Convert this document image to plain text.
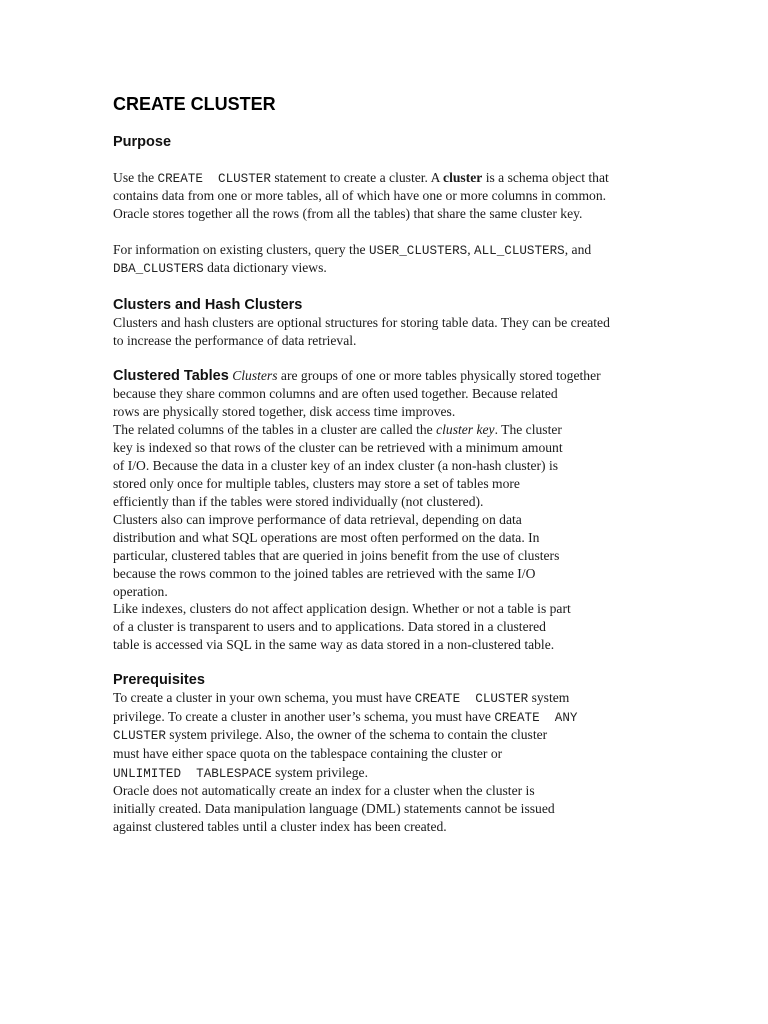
CREATE CLUSTER
Purpose
Use the CREATE  CLUSTER statement to create a cluster. A cluster is a schema object that
contains data from one or more tables, all of which have one or more columns in common.
Oracle stores together all the rows (from all the tables) that share the same cluster key.
For information on existing clusters, query the USER_CLUSTERS, ALL_CLUSTERS, and
DBA_CLUSTERS data dictionary views.
Clusters and Hash Clusters
Clusters and hash clusters are optional structures for storing table data. They can be created
to increase the performance of data retrieval.
Clustered Tables Clusters are groups of one or more tables physically stored together
because they share common columns and are often used together. Because related
rows are physically stored together, disk access time improves.
The related columns of the tables in a cluster are called the cluster key. The cluster
key is indexed so that rows of the cluster can be retrieved with a minimum amount
of I/O. Because the data in a cluster key of an index cluster (a non-hash cluster) is
stored only once for multiple tables, clusters may store a set of tables more
efficiently than if the tables were stored individually (not clustered).
Clusters also can improve performance of data retrieval, depending on data
distribution and what SQL operations are most often performed on the data. In
particular, clustered tables that are queried in joins benefit from the use of clusters
because the rows common to the joined tables are retrieved with the same I/O
operation.
Like indexes, clusters do not affect application design. Whether or not a table is part
of a cluster is transparent to users and to applications. Data stored in a clustered
table is accessed via SQL in the same way as data stored in a non-clustered table.
Prerequisites
To create a cluster in your own schema, you must have CREATE  CLUSTER system
privilege. To create a cluster in another user’s schema, you must have CREATE  ANY
CLUSTER system privilege. Also, the owner of the schema to contain the cluster
must have either space quota on the tablespace containing the cluster or
UNLIMITED  TABLESPACE system privilege.
Oracle does not automatically create an index for a cluster when the cluster is
initially created. Data manipulation language (DML) statements cannot be issued
against clustered tables until a cluster index has been created.
